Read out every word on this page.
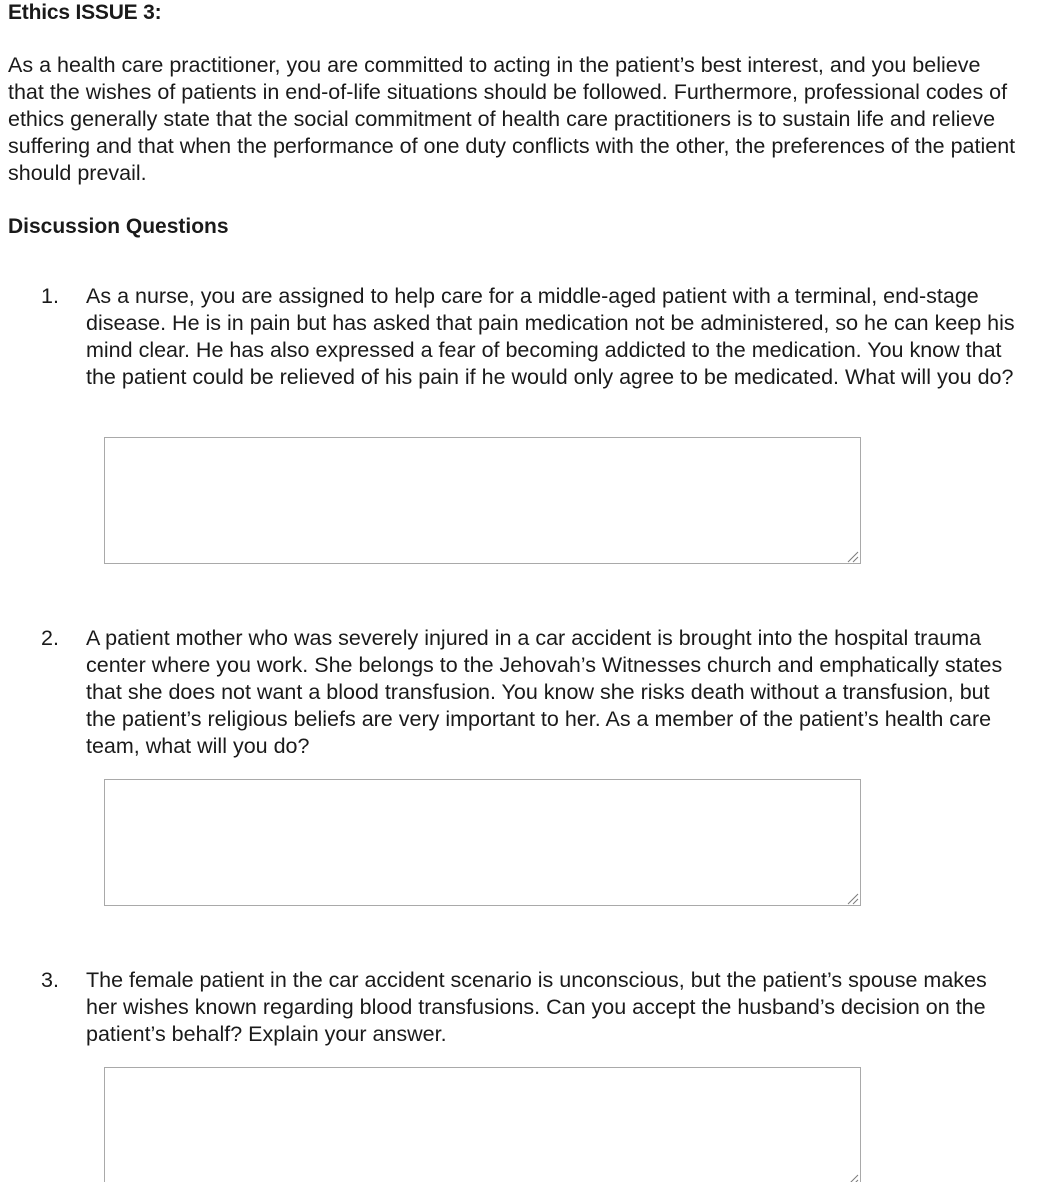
Ethics ISSUE 3:

As a health care practitioner, you are committed to acting in the patient’s best interest, and you believe that the wishes of patients in end-of-life situations should be followed. Furthermore, professional codes of ethics generally state that the social commitment of health care practitioners is to sustain life and relieve suffering and that when the performance of one duty conflicts with the other, the preferences of the patient should prevail.

Discussion Questions
1.	As a nurse, you are assigned to help care for a middle-aged patient with a terminal, end-stage disease. He is in pain but has asked that pain medication not be administered, so he can keep his mind clear. He has also expressed a fear of becoming addicted to the medication. You know that the patient could be relieved of his pain if he would only agree to be medicated. What will you do?
2.	A patient mother who was severely injured in a car accident is brought into the hospital trauma center where you work. She belongs to the Jehovah’s Witnesses church and emphatically states that she does not want a blood transfusion. You know she risks death without a transfusion, but the patient’s religious beliefs are very important to her. As a member of the patient’s health care team, what will you do?
3.	The female patient in the car accident scenario is unconscious, but the patient’s spouse makes her wishes known regarding blood transfusions. Can you accept the husband’s decision on the patient’s behalf? Explain your answer.
